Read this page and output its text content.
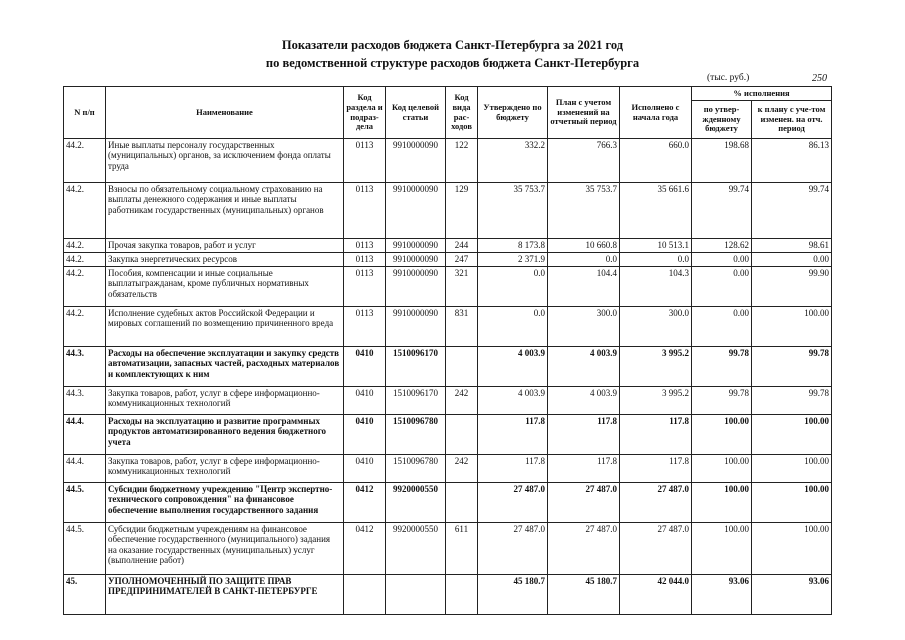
Показатели расходов бюджета Санкт-Петербурга за 2021 год
по ведомственной структуре расходов бюджета Санкт-Петербурга
(тыс. руб.)	250
N п/п	Наименование	Код раздела и подраз-дела	Код целевой статьи	Код вида рас-ходов	Утверждено по бюджету	План с учетом изменений на отчетный период	Исполнено с начала года	% исполнения	
								по утвер-жденному бюджету	к плану с уче-том изменен. на отч. период
44.2.	Иные выплаты персоналу государственных (муниципальных) органов, за исключением фонда оплаты труда	0113	9910000090	122	332.2	766.3	660.0	198.68	86.13
44.2.	Взносы по обязательному социальному страхованию на выплаты денежного содержания и иные выплаты работникам государственных (муниципальных) органов	0113	9910000090	129	35 753.7	35 753.7	35 661.6	99.74	99.74
44.2.	Прочая закупка товаров, работ и услуг	0113	9910000090	244	8 173.8	10 660.8	10 513.1	128.62	98.61
44.2.	Закупка энергетических ресурсов	0113	9910000090	247	2 371.9	0.0	0.0	0.00	0.00
44.2.	Пособия, компенсации и иные социальные выплатыгражданам, кроме публичных нормативных обязательств	0113	9910000090	321	0.0	104.4	104.3	0.00	99.90
44.2.	Исполнение судебных актов Российской Федерации и мировых соглашений по возмещению причиненного вреда	0113	9910000090	831	0.0	300.0	300.0	0.00	100.00
44.3.	Расходы на обеспечение эксплуатации и закупку средств автоматизации, запасных частей, расходных материалов и комплектующих к ним	0410	1510096170		4 003.9	4 003.9	3 995.2	99.78	99.78
44.3.	Закупка товаров, работ, услуг в сфере информационно-коммуникационных технологий	0410	1510096170	242	4 003.9	4 003.9	3 995.2	99.78	99.78
44.4.	Расходы на эксплуатацию и развитие программных продуктов автоматизированного ведения бюджетного учета	0410	1510096780		117.8	117.8	117.8	100.00	100.00
44.4.	Закупка товаров, работ, услуг в сфере информационно-коммуникационных технологий	0410	1510096780	242	117.8	117.8	117.8	100.00	100.00
44.5.	Субсидии бюджетному учреждению "Центр экспертно-технического сопровождения" на финансовое обеспечение выполнения государственного задания	0412	9920000550		27 487.0	27 487.0	27 487.0	100.00	100.00
44.5.	Субсидии бюджетным учреждениям на финансовое обеспечение государственного (муниципального) задания на оказание государственных (муниципальных) услуг (выполнение работ)	0412	9920000550	611	27 487.0	27 487.0	27 487.0	100.00	100.00
45.	УПОЛНОМОЧЕННЫЙ ПО ЗАЩИТЕ ПРАВ ПРЕДПРИНИМАТЕЛЕЙ В САНКТ-ПЕТЕРБУРГЕ				45 180.7	45 180.7	42 044.0	93.06	93.06
